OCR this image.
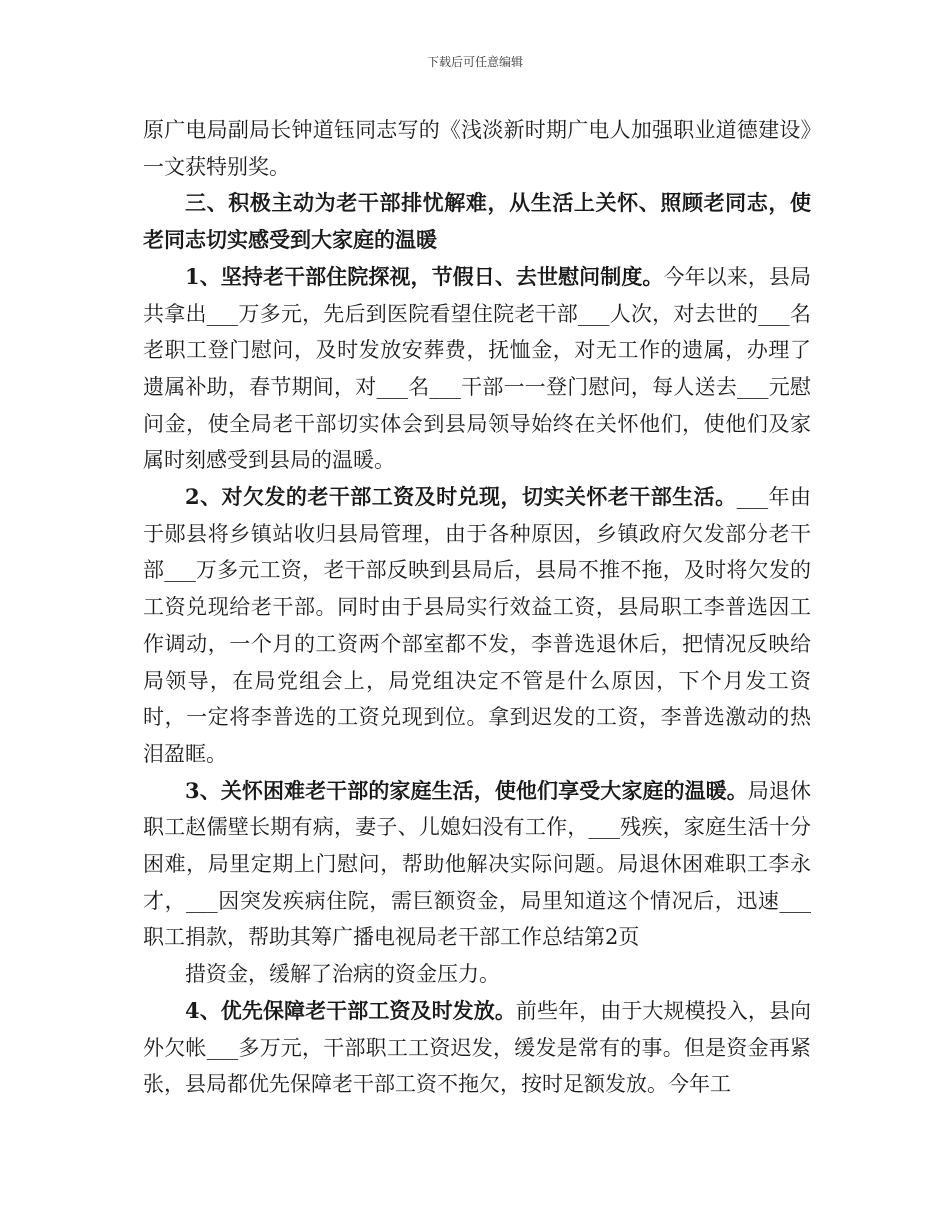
下载后可任意编辑

原广电局副局长钟道钰同志写的《浅淡新时期广电人加强职业道德建设》一文获特别奖。

三、积极主动为老干部排忧解难，从生活上关怀、照顾老同志，使老同志切实感受到大家庭的温暖

1、坚持老干部住院探视，节假日、去世慰问制度。今年以来，县局共拿出___万多元，先后到医院看望住院老干部___人次，对去世的___名老职工登门慰问，及时发放安葬费，抚恤金，对无工作的遗属，办理了遗属补助，春节期间，对___名___干部一一登门慰问，每人送去___元慰问金，使全局老干部切实体会到县局领导始终在关怀他们，使他们及家属时刻感受到县局的温暖。

2、对欠发的老干部工资及时兑现，切实关怀老干部生活。___年由于郧县将乡镇站收归县局管理，由于各种原因，乡镇政府欠发部分老干部___万多元工资，老干部反映到县局后，县局不推不拖，及时将欠发的工资兑现给老干部。同时由于县局实行效益工资，县局职工李普选因工作调动，一个月的工资两个部室都不发，李普选退休后，把情况反映给局领导，在局党组会上，局党组决定不管是什么原因，下个月发工资时，一定将李普选的工资兑现到位。拿到迟发的工资，李普选激动的热泪盈眶。

3、关怀困难老干部的家庭生活，使他们享受大家庭的温暖。局退休职工赵儒壁长期有病，妻子、儿媳妇没有工作，___残疾，家庭生活十分困难，局里定期上门慰问，帮助他解决实际问题。局退休困难职工李永才，___因突发疾病住院，需巨额资金，局里知道这个情况后，迅速___职工捐款，帮助其筹广播电视局老干部工作总结第2页

措资金，缓解了治病的资金压力。

4、优先保障老干部工资及时发放。前些年，由于大规模投入，县向外欠帐___多万元，干部职工工资迟发，缓发是常有的事。但是资金再紧张，县局都优先保障老干部工资不拖欠，按时足额发放。今年工
